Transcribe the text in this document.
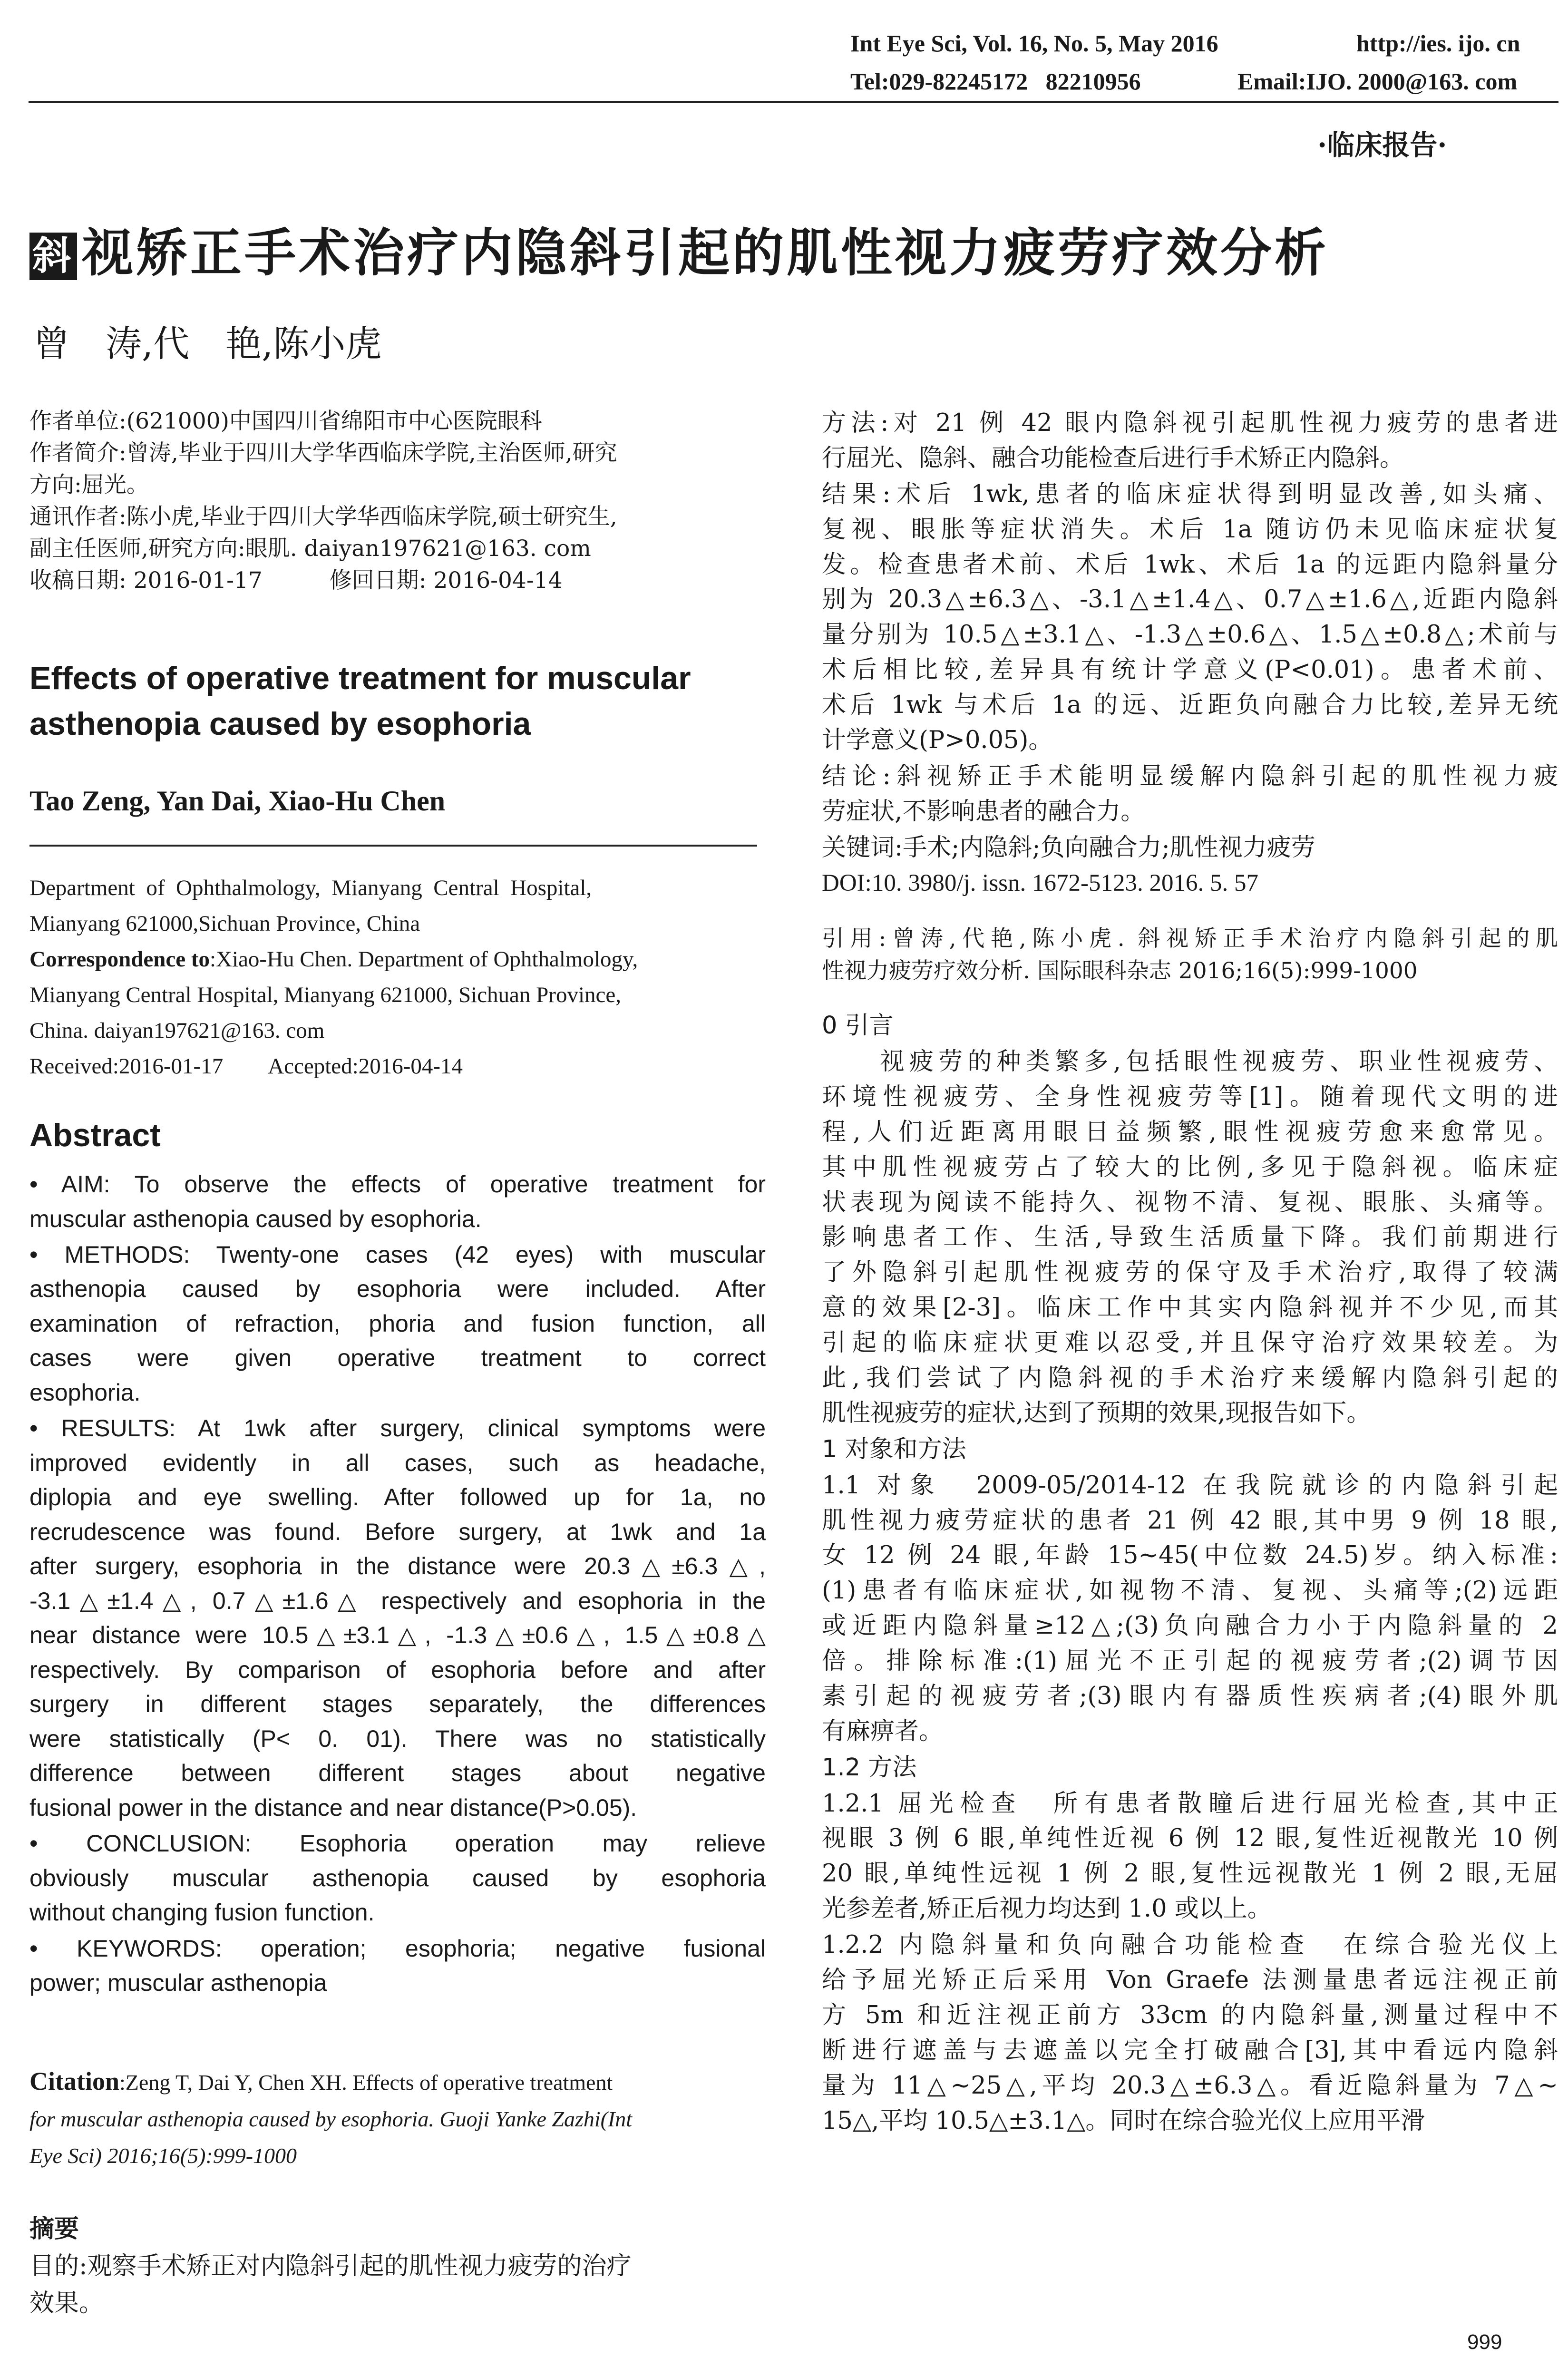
Int Eye Sci, Vol. 16, No. 5, May 2016	http://ies. ijo. cn
Tel:029-82245172   82210956	Email:IJO. 2000@163. com
·临床报告·
斜 视矫正手术治疗内隐斜引起的肌性视力疲劳疗效分析
曾　涛,代　艳,陈小虎
作者单位:(621000)中国四川省绵阳市中心医院眼科
作者简介:曾涛,毕业于四川大学华西临床学院,主治医师,研究
方向:屈光。
通讯作者:陈小虎,毕业于四川大学华西临床学院,硕士研究生,
副主任医师,研究方向:眼肌. daiyan197621@163. com
收稿日期: 2016-01-17　　　修回日期: 2016-04-14
Effects of operative treatment for muscular
asthenopia caused by esophoria
Tao Zeng, Yan Dai, Xiao-Hu Chen
Department  of  Ophthalmology,  Mianyang  Central  Hospital,
Mianyang 621000,Sichuan Province, China
Correspondence to:Xiao-Hu Chen. Department of Ophthalmology,
Mianyang Central Hospital, Mianyang 621000, Sichuan Province,
China. daiyan197621@163. com
Received:2016-01-17　　Accepted:2016-04-14
Abstract
• AIM: To observe the effects of operative treatment for
muscular asthenopia caused by esophoria.
• METHODS: Twenty-one cases (42 eyes) with muscular
asthenopia caused by esophoria were included. After
examination of refraction, phoria and fusion function, all
cases were given operative treatment to correct
esophoria.
• RESULTS: At 1wk after surgery, clinical symptoms were
improved evidently in all cases, such as headache,
diplopia and eye swelling. After followed up for 1a, no
recrudescence was found. Before surgery, at 1wk and 1a
after surgery, esophoria in the distance were 20.3△±6.3△,
-3.1△±1.4△, 0.7△±1.6△ respectively and esophoria in the
near distance were 10.5△±3.1△, -1.3△±0.6△, 1.5△±0.8△
respectively. By comparison of esophoria before and after
surgery in different stages separately, the differences
were statistically (P< 0. 01). There was no statistically
difference between different stages about negative
fusional power in the distance and near distance(P>0.05).
• CONCLUSION: Esophoria operation may relieve
obviously muscular asthenopia caused by esophoria
without changing fusion function.
• KEYWORDS: operation; esophoria; negative fusional
power; muscular asthenopia
Citation:Zeng T, Dai Y, Chen XH. Effects of operative treatment
for muscular asthenopia caused by esophoria. Guoji Yanke Zazhi(Int
Eye Sci) 2016;16(5):999-1000
摘要
目的:观察手术矫正对内隐斜引起的肌性视力疲劳的治疗
效果。
方法:对 21 例 42 眼内隐斜视引起肌性视力疲劳的患者进
行屈光、隐斜、融合功能检查后进行手术矫正内隐斜。
结果:术后 1wk,患者的临床症状得到明显改善,如头痛、
复视、眼胀等症状消失。术后 1a 随访仍未见临床症状复
发。检查患者术前、术后 1wk、术后 1a 的远距内隐斜量分
别为 20.3△±6.3△、-3.1△±1.4△、0.7△±1.6△,近距内隐斜
量分别为 10.5△±3.1△、-1.3△±0.6△、1.5△±0.8△;术前与
术后相比较,差异具有统计学意义(P<0.01)。患者术前、
术后 1wk 与术后 1a 的远、近距负向融合力比较,差异无统
计学意义(P>0.05)。
结论:斜视矫正手术能明显缓解内隐斜引起的肌性视力疲
劳症状,不影响患者的融合力。
关键词:手术;内隐斜;负向融合力;肌性视力疲劳
DOI:10. 3980/j. issn. 1672-5123. 2016. 5. 57
引用:曾涛,代艳,陈小虎. 斜视矫正手术治疗内隐斜引起的肌
性视力疲劳疗效分析. 国际眼科杂志 2016;16(5):999-1000
0 引言
　　视疲劳的种类繁多,包括眼性视疲劳、职业性视疲劳、
环境性视疲劳、全身性视疲劳等[1]。随着现代文明的进
程,人们近距离用眼日益频繁,眼性视疲劳愈来愈常见。
其中肌性视疲劳占了较大的比例,多见于隐斜视。临床症
状表现为阅读不能持久、视物不清、复视、眼胀、头痛等。
影响患者工作、生活,导致生活质量下降。我们前期进行
了外隐斜引起肌性视疲劳的保守及手术治疗,取得了较满
意的效果[2-3]。临床工作中其实内隐斜视并不少见,而其
引起的临床症状更难以忍受,并且保守治疗效果较差。为
此,我们尝试了内隐斜视的手术治疗来缓解内隐斜引起的
肌性视疲劳的症状,达到了预期的效果,现报告如下。
1 对象和方法
1.1 对象　2009-05/2014-12 在我院就诊的内隐斜引起
肌性视力疲劳症状的患者 21 例 42 眼,其中男 9 例 18 眼,
女 12 例 24 眼,年龄 15~45(中位数 24.5)岁。纳入标准:
(1)患者有临床症状,如视物不清、复视、头痛等;(2)远距
或近距内隐斜量≥12△;(3)负向融合力小于内隐斜量的 2
倍。排除标准:(1)屈光不正引起的视疲劳者;(2)调节因
素引起的视疲劳者;(3)眼内有器质性疾病者;(4)眼外肌
有麻痹者。
1.2 方法
1.2.1 屈光检查　所有患者散瞳后进行屈光检查,其中正
视眼 3 例 6 眼,单纯性近视 6 例 12 眼,复性近视散光 10 例
20 眼,单纯性远视 1 例 2 眼,复性远视散光 1 例 2 眼,无屈
光参差者,矫正后视力均达到 1.0 或以上。
1.2.2 内隐斜量和负向融合功能检查　在综合验光仪上
给予屈光矫正后采用 Von Graefe 法测量患者远注视正前
方 5m 和近注视正前方 33cm 的内隐斜量,测量过程中不
断进行遮盖与去遮盖以完全打破融合[3],其中看远内隐斜
量为 11△~25△,平均 20.3△±6.3△。看近隐斜量为 7△~
15△,平均 10.5△±3.1△。同时在综合验光仪上应用平滑
999
